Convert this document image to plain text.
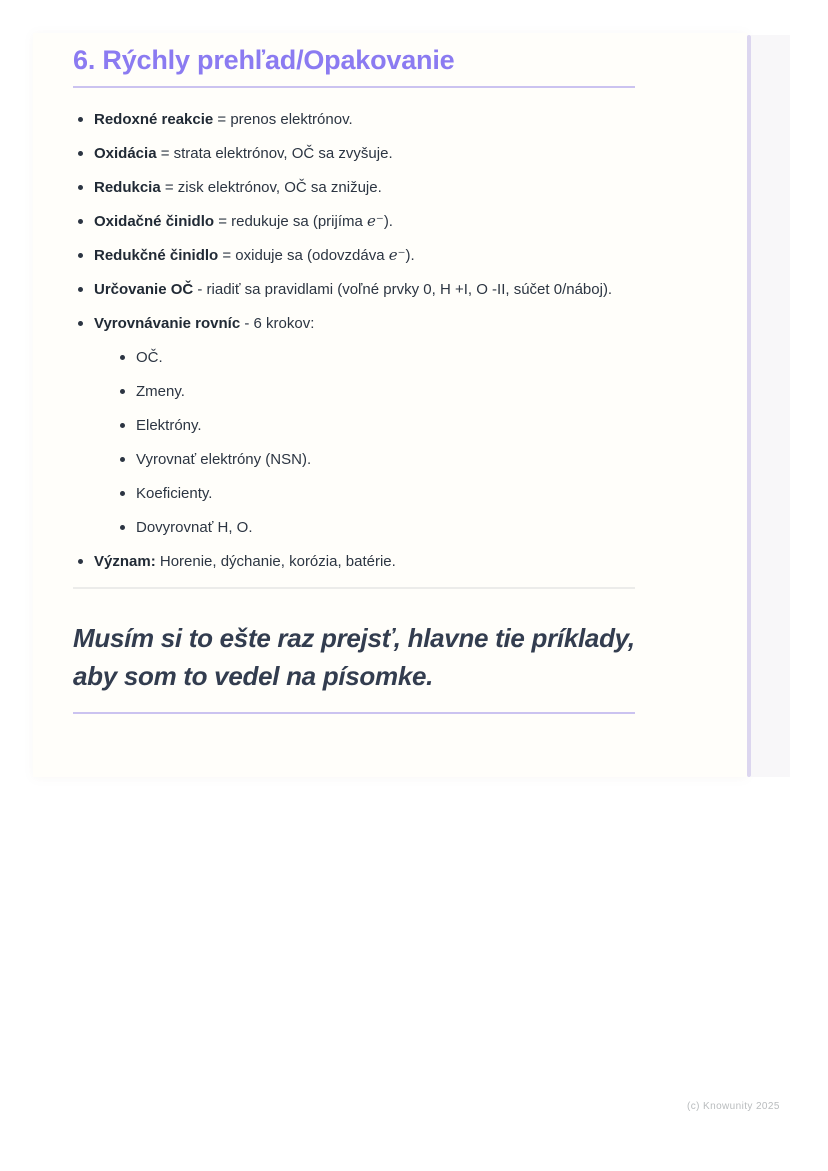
6. Rýchly prehľad/Opakovanie
Redoxné reakcie = prenos elektrónov.
Oxidácia = strata elektrónov, OČ sa zvyšuje.
Redukcia = zisk elektrónov, OČ sa znižuje.
Oxidačné činidlo = redukuje sa (prijíma e⁻).
Redukčné činidlo = oxiduje sa (odovzdáva e⁻).
Určovanie OČ - riadiť sa pravidlami (voľné prvky 0, H +I, O -II, súčet 0/náboj).
Vyrovnávanie rovníc - 6 krokov:
OČ.
Zmeny.
Elektróny.
Vyrovnať elektróny (NSN).
Koeficienty.
Dovyrovnať H, O.
Význam: Horenie, dýchanie, korózia, batérie.
Musím si to ešte raz prejsť, hlavne tie príklady, aby som to vedel na písomke.
(c) Knowunity 2025
